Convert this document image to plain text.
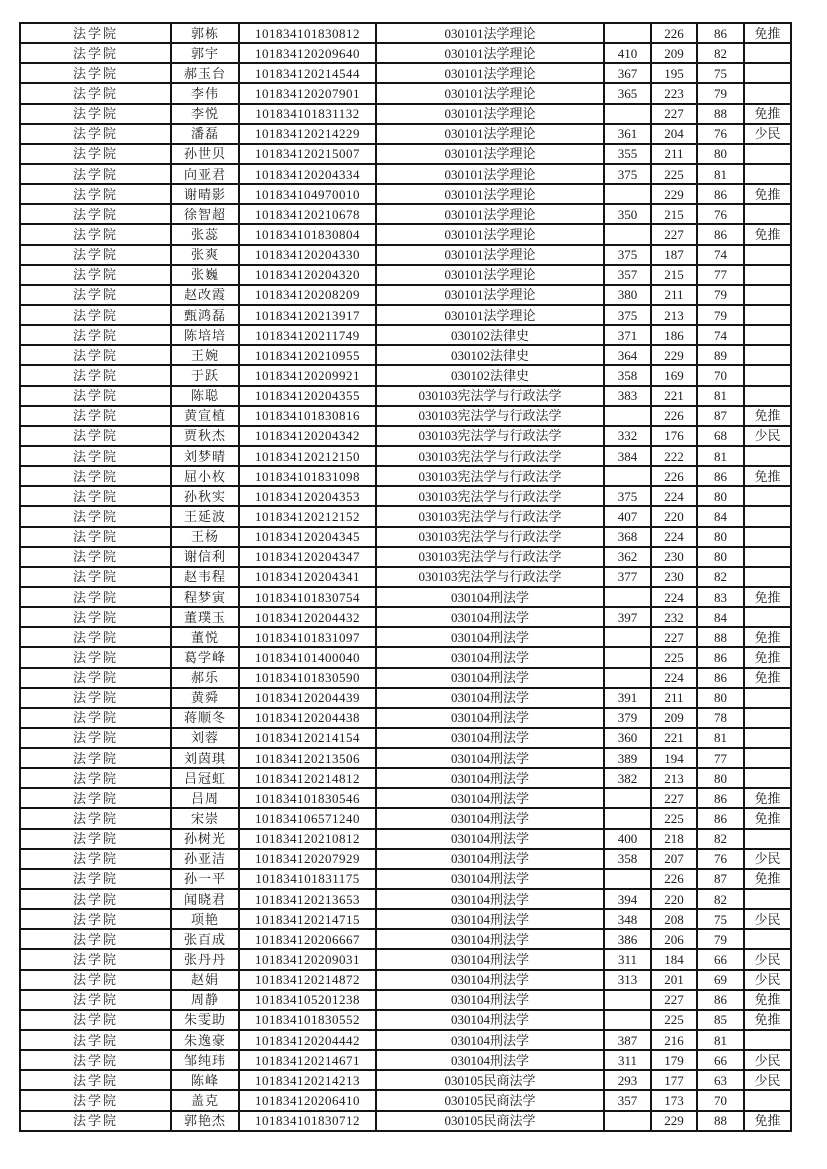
法学院	郭栋	101834101830812	030101法学理论		226	86	免推
法学院	郭宇	101834120209640	030101法学理论	410	209	82	
法学院	郝玉台	101834120214544	030101法学理论	367	195	75	
法学院	李伟	101834120207901	030101法学理论	365	223	79	
法学院	李悦	101834101831132	030101法学理论		227	88	免推
法学院	潘磊	101834120214229	030101法学理论	361	204	76	少民
法学院	孙世贝	101834120215007	030101法学理论	355	211	80	
法学院	向亚君	101834120204334	030101法学理论	375	225	81	
法学院	谢晴影	101834104970010	030101法学理论		229	86	免推
法学院	徐智超	101834120210678	030101法学理论	350	215	76	
法学院	张蕊	101834101830804	030101法学理论		227	86	免推
法学院	张爽	101834120204330	030101法学理论	375	187	74	
法学院	张巍	101834120204320	030101法学理论	357	215	77	
法学院	赵改霞	101834120208209	030101法学理论	380	211	79	
法学院	甄鸿磊	101834120213917	030101法学理论	375	213	79	
法学院	陈培培	101834120211749	030102法律史	371	186	74	
法学院	王婉	101834120210955	030102法律史	364	229	89	
法学院	于跃	101834120209921	030102法律史	358	169	70	
法学院	陈聪	101834120204355	030103宪法学与行政法学	383	221	81	
法学院	黄宣植	101834101830816	030103宪法学与行政法学		226	87	免推
法学院	贾秋杰	101834120204342	030103宪法学与行政法学	332	176	68	少民
法学院	刘梦晴	101834120212150	030103宪法学与行政法学	384	222	81	
法学院	屈小枚	101834101831098	030103宪法学与行政法学		226	86	免推
法学院	孙秋实	101834120204353	030103宪法学与行政法学	375	224	80	
法学院	王延波	101834120212152	030103宪法学与行政法学	407	220	84	
法学院	王杨	101834120204345	030103宪法学与行政法学	368	224	80	
法学院	谢信利	101834120204347	030103宪法学与行政法学	362	230	80	
法学院	赵韦程	101834120204341	030103宪法学与行政法学	377	230	82	
法学院	程梦寅	101834101830754	030104刑法学		224	83	免推
法学院	董璞玉	101834120204432	030104刑法学	397	232	84	
法学院	董悦	101834101831097	030104刑法学		227	88	免推
法学院	葛学峰	101834101400040	030104刑法学		225	86	免推
法学院	郝乐	101834101830590	030104刑法学		224	86	免推
法学院	黄舜	101834120204439	030104刑法学	391	211	80	
法学院	蒋顺冬	101834120204438	030104刑法学	379	209	78	
法学院	刘蓉	101834120214154	030104刑法学	360	221	81	
法学院	刘茵琪	101834120213506	030104刑法学	389	194	77	
法学院	吕冠虹	101834120214812	030104刑法学	382	213	80	
法学院	吕周	101834101830546	030104刑法学		227	86	免推
法学院	宋崇	101834106571240	030104刑法学		225	86	免推
法学院	孙树光	101834120210812	030104刑法学	400	218	82	
法学院	孙亚洁	101834120207929	030104刑法学	358	207	76	少民
法学院	孙一平	101834101831175	030104刑法学		226	87	免推
法学院	闻晓君	101834120213653	030104刑法学	394	220	82	
法学院	项艳	101834120214715	030104刑法学	348	208	75	少民
法学院	张百成	101834120206667	030104刑法学	386	206	79	
法学院	张丹丹	101834120209031	030104刑法学	311	184	66	少民
法学院	赵娟	101834120214872	030104刑法学	313	201	69	少民
法学院	周静	101834105201238	030104刑法学		227	86	免推
法学院	朱雯助	101834101830552	030104刑法学		225	85	免推
法学院	朱逸豪	101834120204442	030104刑法学	387	216	81	
法学院	邹纯玮	101834120214671	030104刑法学	311	179	66	少民
法学院	陈峰	101834120214213	030105民商法学	293	177	63	少民
法学院	盖克	101834120206410	030105民商法学	357	173	70	
法学院	郭艳杰	101834101830712	030105民商法学		229	88	免推
